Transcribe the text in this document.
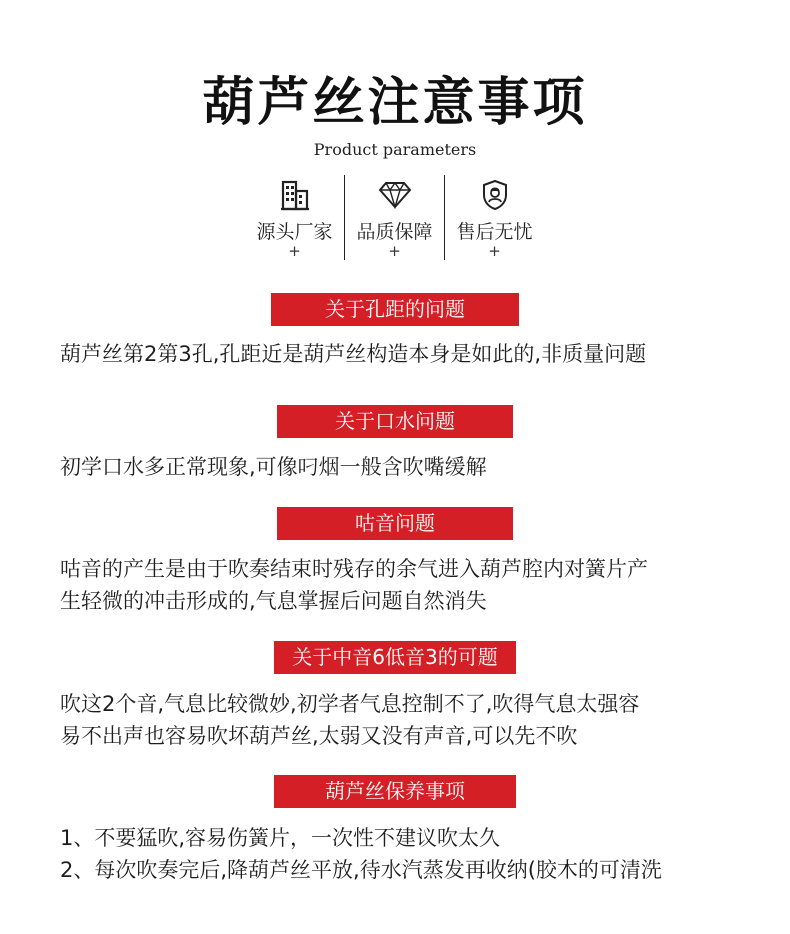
葫芦丝注意事项
Product parameters
源头厂家
+
品质保障
+
售后无忧
+
关于孔距的问题
葫芦丝第2第3孔,孔距近是葫芦丝构造本身是如此的,非质量问题
关于口水问题
初学口水多正常现象,可像叼烟一般含吹嘴缓解
咕音问题
咕音的产生是由于吹奏结束时残存的余气进入葫芦腔内对簧片产
生轻微的冲击形成的,气息掌握后问题自然消失
关于中音6低音3的可题
吹这2个音,气息比较微妙,初学者气息控制不了,吹得气息太强容
易不出声也容易吹坏葫芦丝,太弱又没有声音,可以先不吹
葫芦丝保养事项
1、不要猛吹,容易伤簧片，一次性不建议吹太久
2、每次吹奏完后,降葫芦丝平放,待水汽蒸发再收纳(胶木的可清洗
